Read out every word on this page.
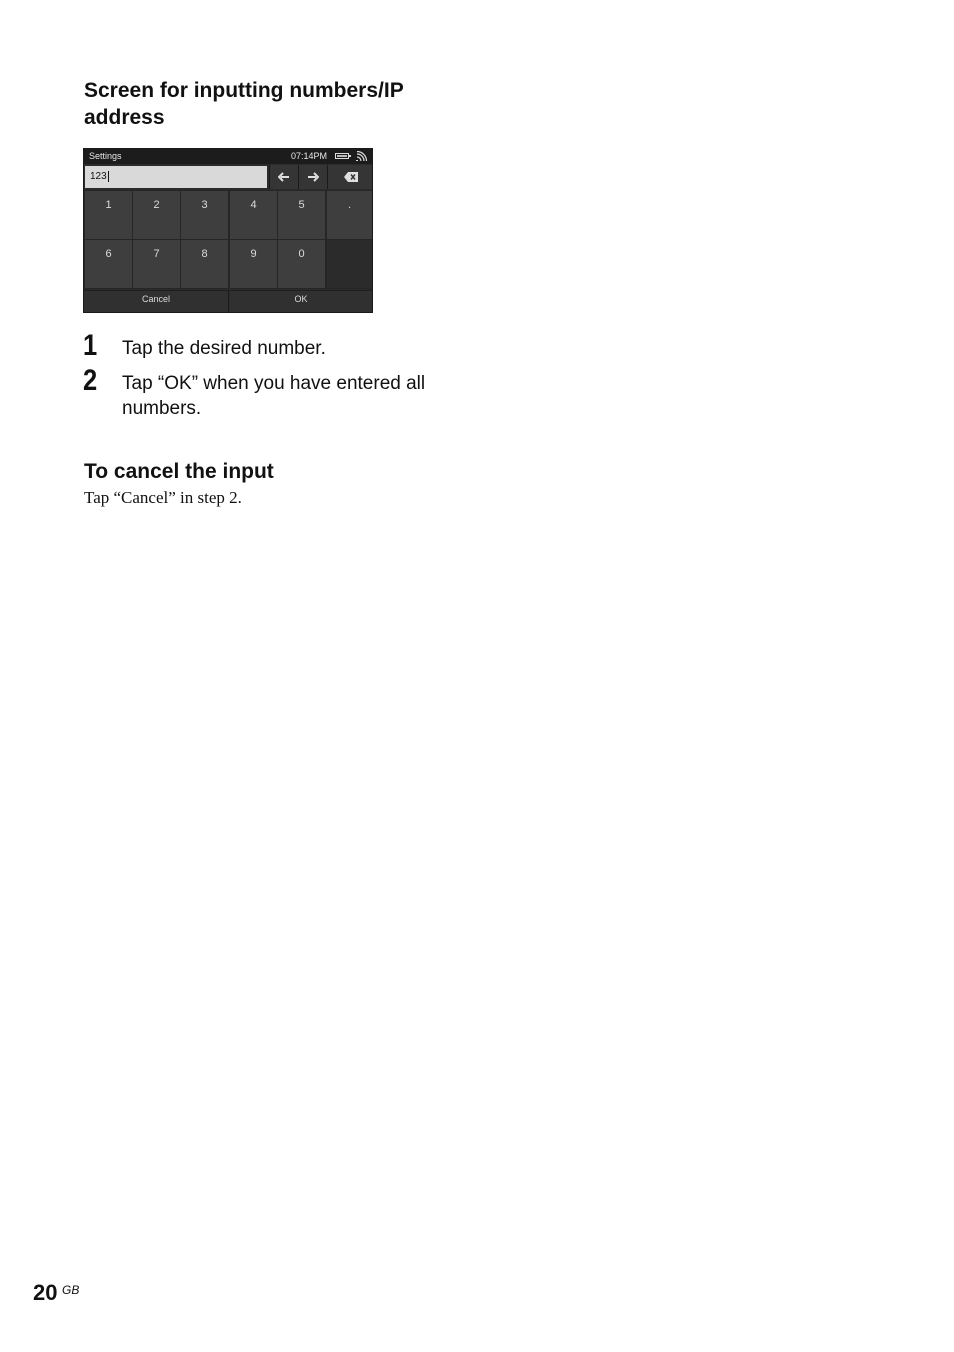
Screen for inputting numbers/IP address
Settings	07:14PM
123
1	2	3	4	5	.
6	7	8	9	0
Cancel	OK
1 Tap the desired number.

2 Tap “OK” when you have entered all numbers.

To cancel the input
Tap “Cancel” in step 2.
20 GB
